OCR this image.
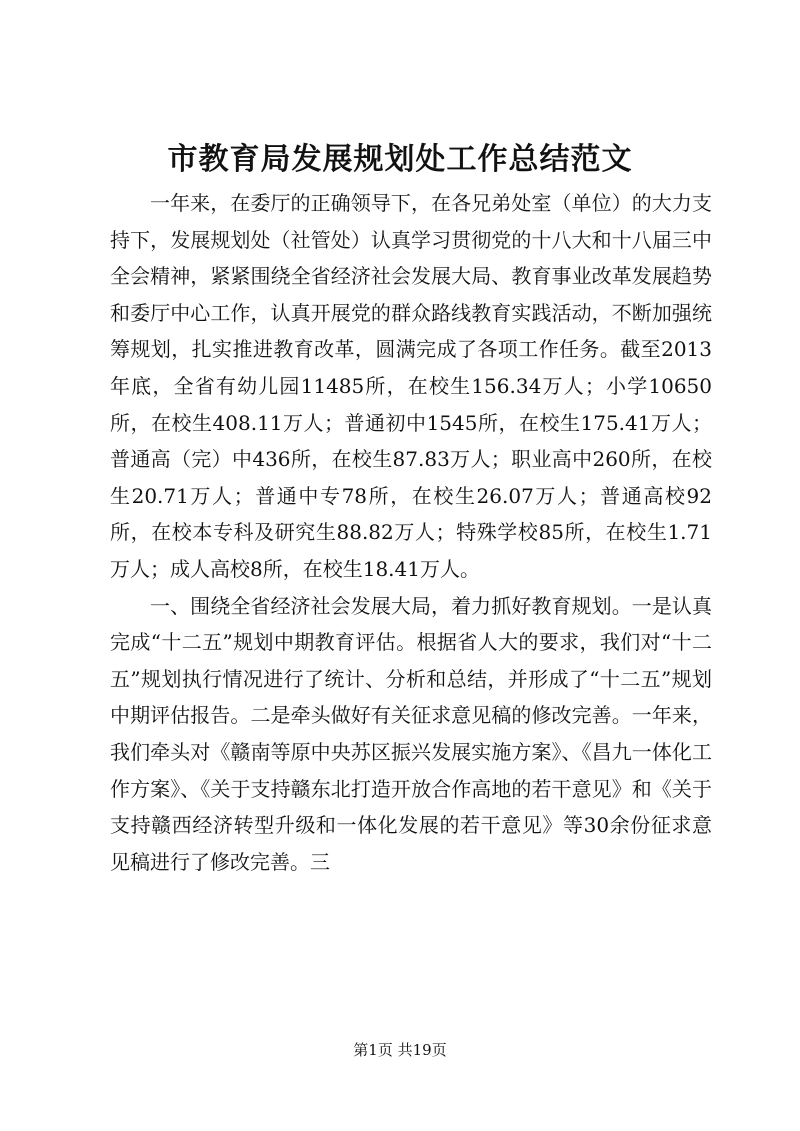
市教育局发展规划处工作总结范文

一年来，在委厅的正确领导下，在各兄弟处室（单位）的大力支持下，发展规划处（社管处）认真学习贯彻党的十八大和十八届三中全会精神，紧紧围绕全省经济社会发展大局、教育事业改革发展趋势和委厅中心工作，认真开展党的群众路线教育实践活动，不断加强统筹规划，扎实推进教育改革，圆满完成了各项工作任务。截至2013年底，全省有幼儿园11485所，在校生156.34万人；小学10650所，在校生408.11万人；普通初中1545所，在校生175.41万人；普通高（完）中436所，在校生87.83万人；职业高中260所，在校生20.71万人；普通中专78所，在校生26.07万人；普通高校92所，在校本专科及研究生88.82万人；特殊学校85所，在校生1.71万人；成人高校8所，在校生18.41万人。

一、围绕全省经济社会发展大局，着力抓好教育规划。一是认真完成“十二五”规划中期教育评估。根据省人大的要求，我们对“十二五”规划执行情况进行了统计、分析和总结，并形成了“十二五”规划中期评估报告。二是牵头做好有关征求意见稿的修改完善。一年来，我们牵头对《赣南等原中央苏区振兴发展实施方案》、《昌九一体化工作方案》、《关于支持赣东北打造开放合作高地的若干意见》和《关于支持赣西经济转型升级和一体化发展的若干意见》等30余份征求意见稿进行了修改完善。三

第1页 共19页
